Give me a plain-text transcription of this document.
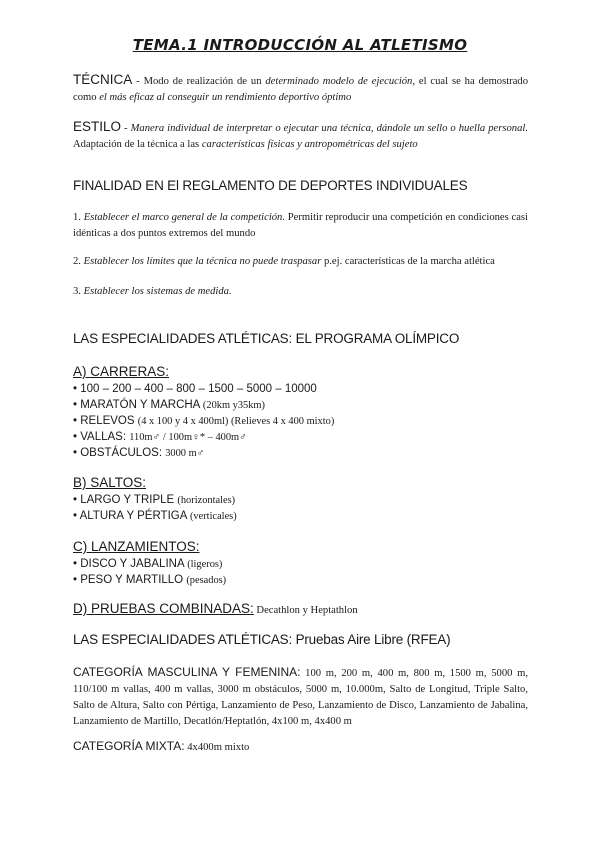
TEMA.1 INTRODUCCIÓN AL ATLETISMO
TÉCNICA - Modo de realización de un determinado modelo de ejecución, el cual se ha demostrado como el más eficaz al conseguir un rendimiento deportivo óptimo
ESTILO - Manera individual de interpretar o ejecutar una técnica, dándole un sello o huella personal. Adaptación de la técnica a las características físicas y antropométricas del sujeto
FINALIDAD EN El REGLAMENTO DE DEPORTES INDIVIDUALES
1. Establecer el marco general de la competición. Permitir reproducir una competición en condiciones casi idénticas a dos puntos extremos del mundo
2. Establecer los límites que la técnica no puede traspasar p.ej. características de la marcha atlética
3. Establecer los sistemas de medida.
LAS ESPECIALIDADES ATLÉTICAS: EL PROGRAMA OLÍMPICO
A) CARRERAS:
• 100 – 200 – 400 – 800 – 1500 – 5000 – 10000
• MARATÓN Y MARCHA (20km y35km)
• RELEVOS (4 x 100 y 4 x 400ml) (Relieves 4 x 400 mixto)
• VALLAS: 110m♂ / 100m♀* – 400m♂
• OBSTÁCULOS: 3000 m♂
B) SALTOS:
• LARGO Y TRIPLE (horizontales)
• ALTURA Y PÉRTIGA (verticales)
C) LANZAMIENTOS:
• DISCO Y JABALINA (ligeros)
• PESO Y MARTILLO (pesados)
D) PRUEBAS COMBINADAS: Decathlon y Heptathlon
LAS ESPECIALIDADES ATLÉTICAS: Pruebas Aire Libre (RFEA)
CATEGORÍA MASCULINA Y FEMENINA: 100 m, 200 m, 400 m, 800 m, 1500 m, 5000 m, 110/100 m vallas, 400 m vallas, 3000 m obstáculos, 5000 m, 10.000m, Salto de Longitud, Triple Salto, Salto de Altura, Salto con Pértiga, Lanzamiento de Peso, Lanzamiento de Disco, Lanzamiento de Jabalina, Lanzamiento de Martillo, Decatlón/Heptatlón, 4x100 m, 4x400 m
CATEGORÍA MIXTA: 4x400m mixto
